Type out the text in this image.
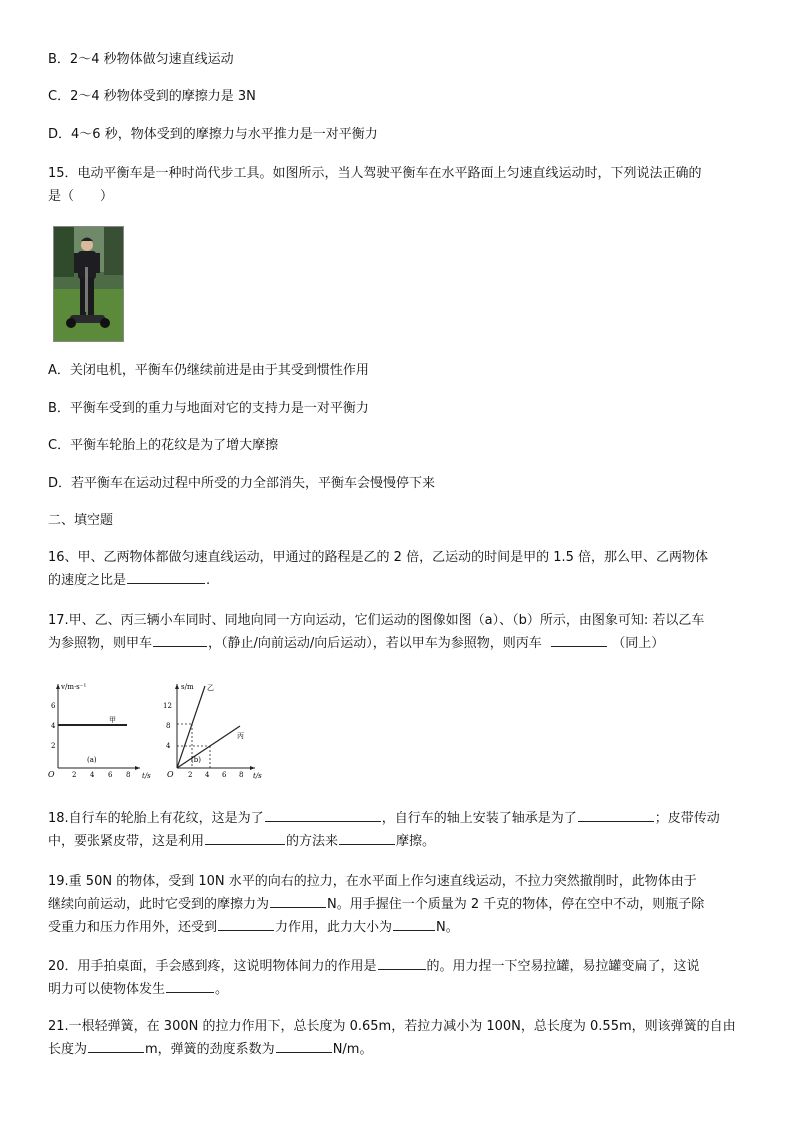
B．2～4 秒物体做匀速直线运动
C．2～4 秒物体受到的摩擦力是 3N
D．4～6 秒，物体受到的摩擦力与水平推力是一对平衡力
15．电动平衡车是一种时尚代步工具。如图所示，当人驾驶平衡车在水平路面上匀速直线运动时，下列说法正确的
是（　　）
A．关闭电机，平衡车仍继续前进是由于其受到惯性作用
B．平衡车受到的重力与地面对它的支持力是一对平衡力
C．平衡车轮胎上的花纹是为了增大摩擦
D．若平衡车在运动过程中所受的力全部消失，平衡车会慢慢停下来
二、填空题
16、甲、乙两物体都做匀速直线运动，甲通过的路程是乙的 2 倍，乙运动的时间是甲的 1.5 倍，那么甲、乙两物体
的速度之比是	.
17.甲、乙、丙三辆小车同时、同地向同一方向运动，它们运动的图像如图（a）、（b）所示，由图象可知: 若以乙车
为参照物，则甲车	，（静止/向前运动/向后运动），若以甲车为参照物，则丙车	（同上）
v/m·s⁻¹
t/s
O
6
4
2
2 4 6 8
甲
(a)
s/m
t/s
O
12
8
4
2 4 6 8
乙
丙
(b)
18.自行车的轮胎上有花纹，这是为了	，自行车的轴上安装了轴承是为了	；皮带传动
中，要张紧皮带，这是利用	的方法来	摩擦。
19.重 50N 的物体，受到 10N 水平的向右的拉力，在水平面上作匀速直线运动，不拉力突然撤削时，此物体由于
继续向前运动，此时它受到的摩擦力为	N。用手握住一个质量为 2 千克的物体，停在空中不动，则瓶子除
受重力和压力作用外，还受到	力作用，此力大小为	N。
20．用手拍桌面，手会感到疼，这说明物体间力的作用是	的。用力捏一下空易拉罐，易拉罐变扁了，这说
明力可以使物体发生	。
21.一根轻弹簧，在 300N 的拉力作用下，总长度为 0.65m，若拉力减小为 100N，总长度为 0.55m，则该弹簧的自由
长度为	m，弹簧的劲度系数为	N/m。
